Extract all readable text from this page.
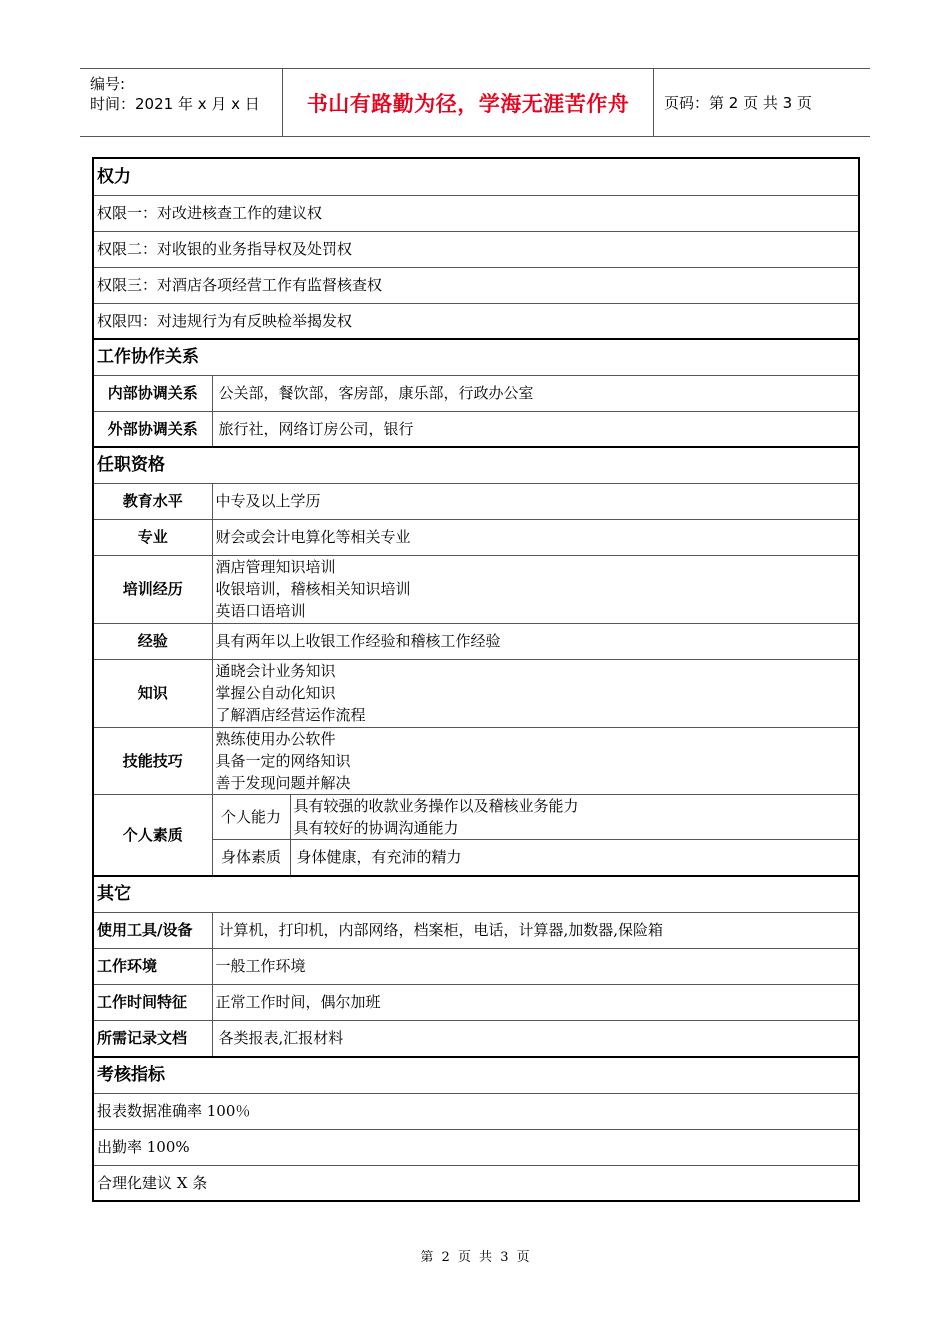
编号:
时间：2021 年 x 月 x 日 书山有路勤为径，学海无涯苦作舟	页码：第 2 页 共 3 页
权力		
权限一：对改进核查工作的建议权		
权限二：对收银的业务指导权及处罚权		
权限三：对酒店各项经营工作有监督核查权		
权限四：对违规行为有反映检举揭发权		
工作协作关系		
内部协调关系	公关部，餐饮部，客房部，康乐部，行政办公室	
外部协调关系	旅行社，网络订房公司，银行	
任职资格		
教育水平	中专及以上学历	
专业	财会或会计电算化等相关专业	
培训经历	酒店管理知识培训
收银培训，稽核相关知识培训
英语口语培训	

经验	具有两年以上收银工作经验和稽核工作经验	
知识	通晓会计业务知识
掌握公自动化知识
了解酒店经营运作流程	

技能技巧	熟练使用办公软件
具备一定的网络知识
善于发现问题并解决	

个人素质	个人能力	具有较强的收款业务操作以及稽核业务能力
具有较好的协调沟通能力

	身体素质	身体健康，有充沛的精力
其它		
使用工具/设备	计算机，打印机，内部网络，档案柜，电话，计算器,加数器,保险箱	
工作环境	一般工作环境	
工作时间特征	正常工作时间，偶尔加班	
所需记录文档	各类报表,汇报材料	
考核指标		
报表数据准确率 100％		
出勤率 100%		
合理化建议 X 条		
第 2 页 共 3 页
